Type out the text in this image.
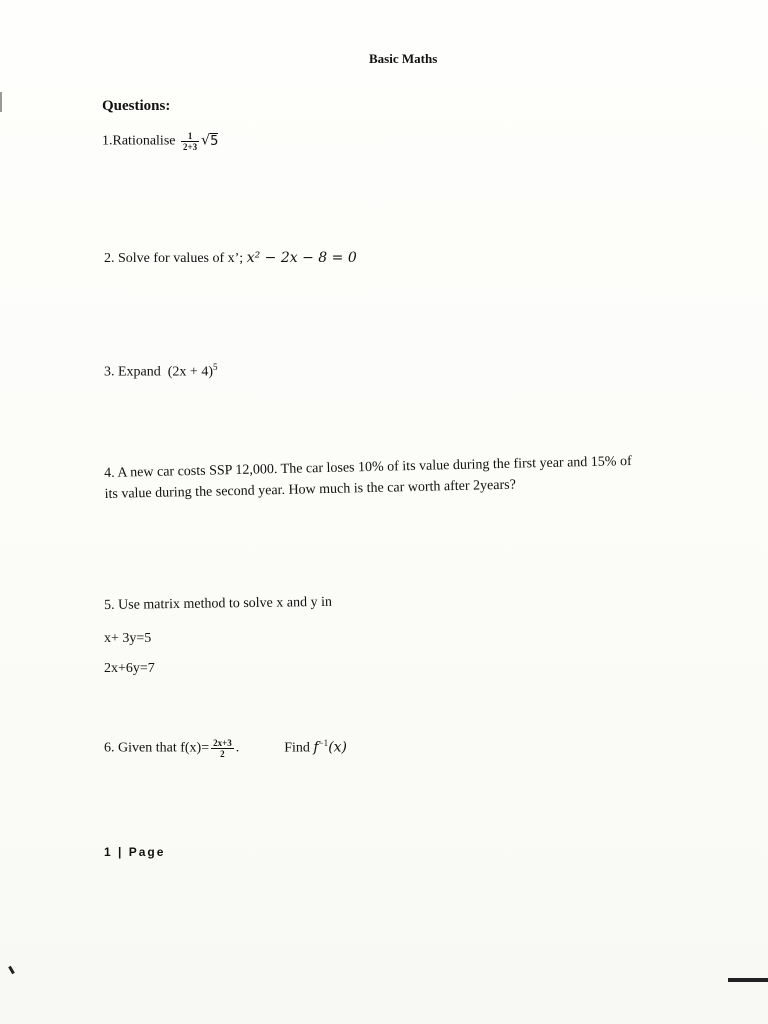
Basic Maths
Questions:
1.Rationalise $\frac{1}{2+3} √5$
2. Solve for values of x’; x² − 2x − 8 = 0
3. Expand $(2x + 4)^5$
4. A new car costs SSP 12,000. The car loses 10% of its value during the first year and 15% of
its value during the second year. How much is the car worth after 2years?
5. Use matrix method to solve x and y in
x+ 3y=5
2x+6y=7
6. Given that $f(x)= \frac{2x+3}{2}$ .	Find $f^{-1}(x)$
1 | Page
